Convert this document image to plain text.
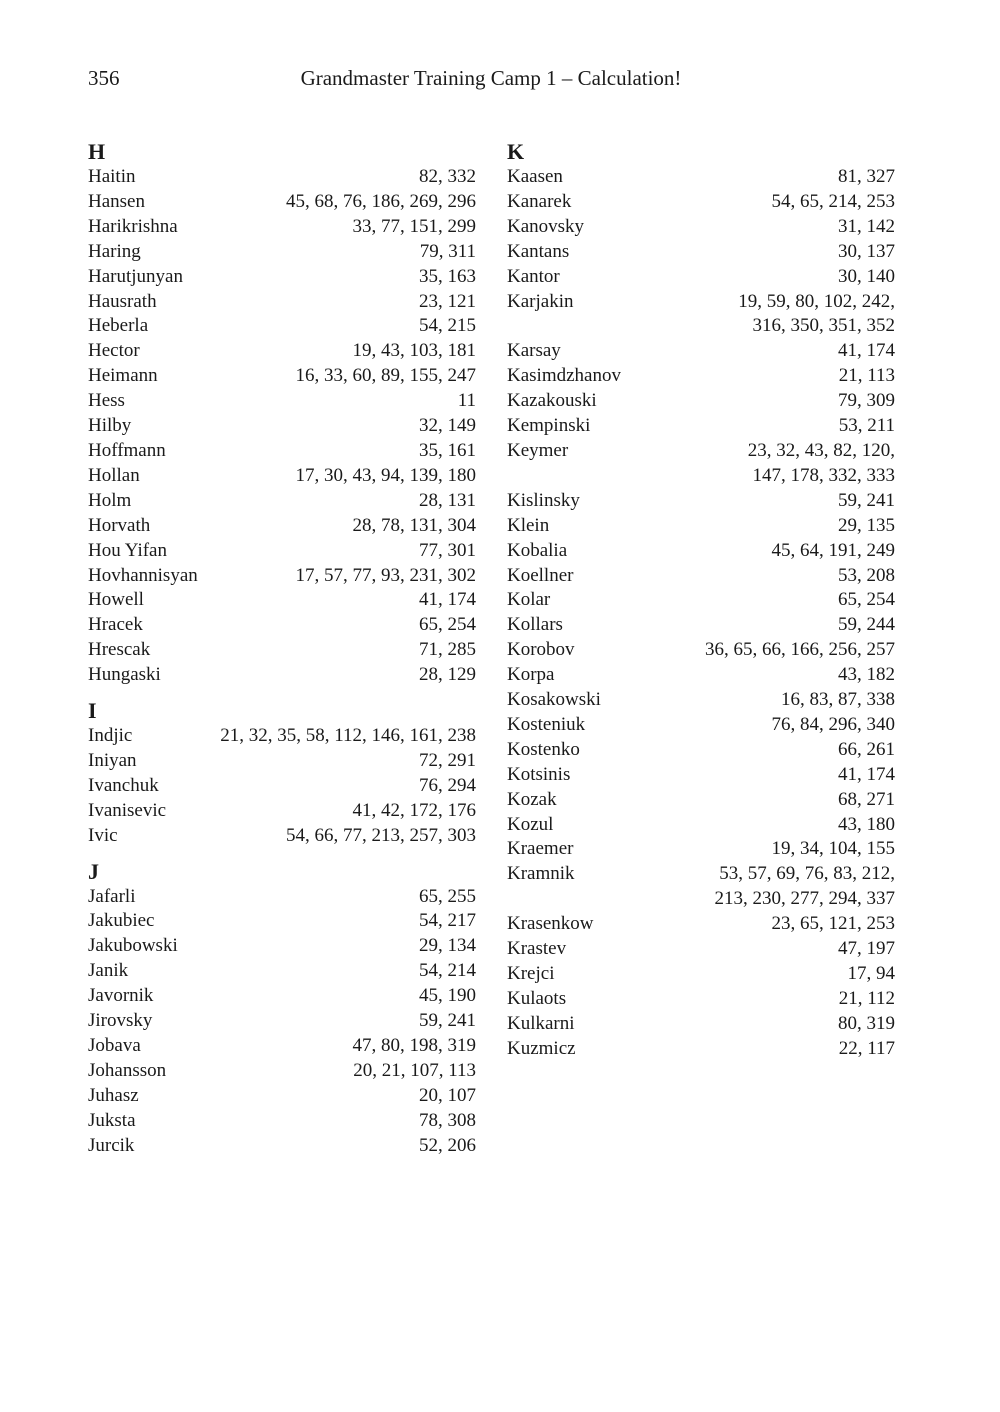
356	Grandmaster Training Camp 1 – Calculation!
H
Haitin	82, 332
Hansen	45, 68, 76, 186, 269, 296
Harikrishna	33, 77, 151, 299
Haring	79, 311
Harutjunyan	35, 163
Hausrath	23, 121
Heberla	54, 215
Hector	19, 43, 103, 181
Heimann	16, 33, 60, 89, 155, 247
Hess	11
Hilby	32, 149
Hoffmann	35, 161
Hollan	17, 30, 43, 94, 139, 180
Holm	28, 131
Horvath	28, 78, 131, 304
Hou Yifan	77, 301
Hovhannisyan	17, 57, 77, 93, 231, 302
Howell	41, 174
Hracek	65, 254
Hrescak	71, 285
Hungaski	28, 129
I
Indjic	21, 32, 35, 58, 112, 146, 161, 238
Iniyan	72, 291
Ivanchuk	76, 294
Ivanisevic	41, 42, 172, 176
Ivic	54, 66, 77, 213, 257, 303
J
Jafarli	65, 255
Jakubiec	54, 217
Jakubowski	29, 134
Janik	54, 214
Javornik	45, 190
Jirovsky	59, 241
Jobava	47, 80, 198, 319
Johansson	20, 21, 107, 113
Juhasz	20, 107
Juksta	78, 308
Jurcik	52, 206
K
Kaasen	81, 327
Kanarek	54, 65, 214, 253
Kanovsky	31, 142
Kantans	30, 137
Kantor	30, 140
Karjakin	19, 59, 80, 102, 242,
316, 350, 351, 352
Karsay	41, 174
Kasimdzhanov	21, 113
Kazakouski	79, 309
Kempinski	53, 211
Keymer	23, 32, 43, 82, 120,
147, 178, 332, 333
Kislinsky	59, 241
Klein	29, 135
Kobalia	45, 64, 191, 249
Koellner	53, 208
Kolar	65, 254
Kollars	59, 244
Korobov	36, 65, 66, 166, 256, 257
Korpa	43, 182
Kosakowski	16, 83, 87, 338
Kosteniuk	76, 84, 296, 340
Kostenko	66, 261
Kotsinis	41, 174
Kozak	68, 271
Kozul	43, 180
Kraemer	19, 34, 104, 155
Kramnik	53, 57, 69, 76, 83, 212,
213, 230, 277, 294, 337
Krasenkow	23, 65, 121, 253
Krastev	47, 197
Krejci	17, 94
Kulaots	21, 112
Kulkarni	80, 319
Kuzmicz	22, 117
